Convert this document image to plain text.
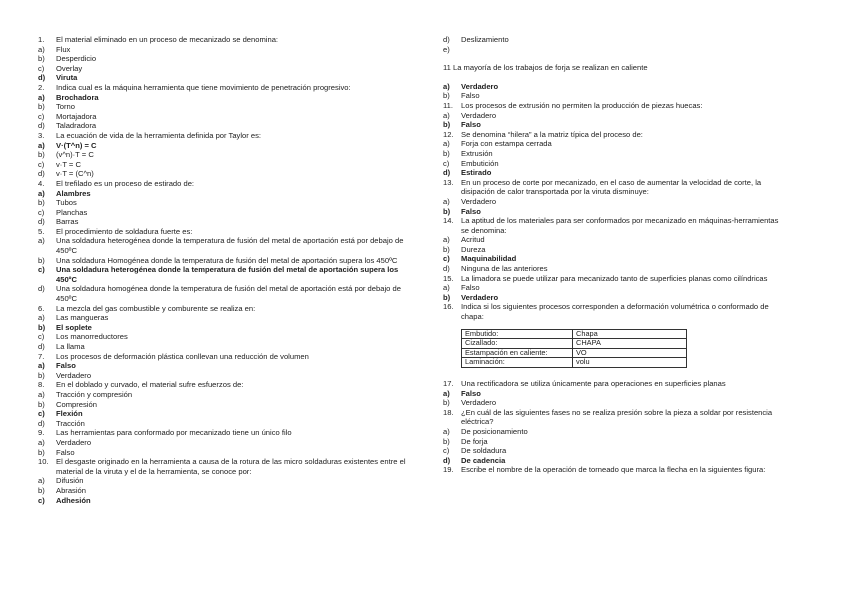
1.	El material eliminado en un proceso de mecanizado se denomina:
a)	Flux
b)	Desperdicio
c)	Overlay
d)	Viruta
2.	Indica cual es la máquina herramienta que tiene movimiento de penetración progresivo:
a)	Brochadora
b)	Torno
c)	Mortajadora
d)	Taladradora
3.	La ecuación de vida de la herramienta definida por Taylor es:
a)	V·(T^n) = C
b)	(v^n)·T = C
c)	v·T = C
d)	v·T = (C^n)
4.	El trefilado es un proceso de estirado de:
a)	Alambres
b)	Tubos
c)	Planchas
d)	Barras
5.	El procedimiento de soldadura fuerte es:
a)	Una soldadura heterogénea donde la temperatura de fusión del metal de aportación está por debajo de 450ºC
b)	Una soldadura Homogénea donde la temperatura de fusión del metal de aportación supera los 450ºC
c)	Una soldadura heterogénea donde la temperatura de fusión del metal de aportación supera los 450ºC
d)	Una soldadura homogénea donde la temperatura de fusión del metal de aportación está por debajo de 450ºC
6.	La mezcla del gas combustible y comburente se realiza en:
a)	Las mangueras
b)	El soplete
c)	Los manorreductores
d)	La llama
7.	Los procesos de deformación plástica conllevan una reducción de volumen
a)	Falso
b)	Verdadero
8.	En el doblado y curvado, el material sufre esfuerzos de:
a)	Tracción y compresión
b)	Compresión
c)	Flexión
d)	Tracción
9.	Las herramientas para conformado por mecanizado tiene un único filo
a)	Verdadero
b)	Falso
10. El desgaste originado en la herramienta a causa de la rotura de las micro soldaduras existentes entre el material de la viruta y el de la herramienta, se conoce por:
a)	Difusión
b)	Abrasión
c)	Adhesión
d)	Deslizamiento
e)
11 La mayoría de los trabajos de forja se realizan en caliente
a)	Verdadero
b)	Falso
11.	Los procesos de extrusión no permiten la producción de piezas huecas:
a)	Verdadero
b)	Falso
12. Se denomina “hilera” a la matriz típica del proceso de:
a)	Forja con estampa cerrada
b)	Extrusión
c)	Embutición
d)	Estirado
13. En un proceso de corte por mecanizado, en el caso de aumentar la velocidad de corte, la disipación de calor transportada por la viruta disminuye:
a)	Verdadero
b)	Falso
14. La aptitud de los materiales para ser conformados por mecanizado en máquinas-herramientas se denomina:
a)	Acritud
b)	Dureza
c)	Maquinabilidad
d)	Ninguna de las anteriores
15. La limadora se puede utilizar para mecanizado tanto de superficies planas como cilíndricas
a)	Falso
b)	Verdadero
16. Indica si los siguientes procesos corresponden a deformación volumétrica o conformado de chapa:
Embutido:	Chapa
Cizallado:	CHAPA
Estampación en caliente:	VO
Laminación:	volu
17. Una rectificadora se utiliza únicamente para operaciones en superficies planas
a)	Falso
b)	Verdadero
18. ¿En cuál de las siguientes fases no se realiza presión sobre la pieza a soldar por resistencia eléctrica?
a)	De posicionamiento
b)	De forja
c)	De soldadura
d)	De cadencia
19. Escribe el nombre de la operación de torneado que marca la flecha en la siguientes figura:
